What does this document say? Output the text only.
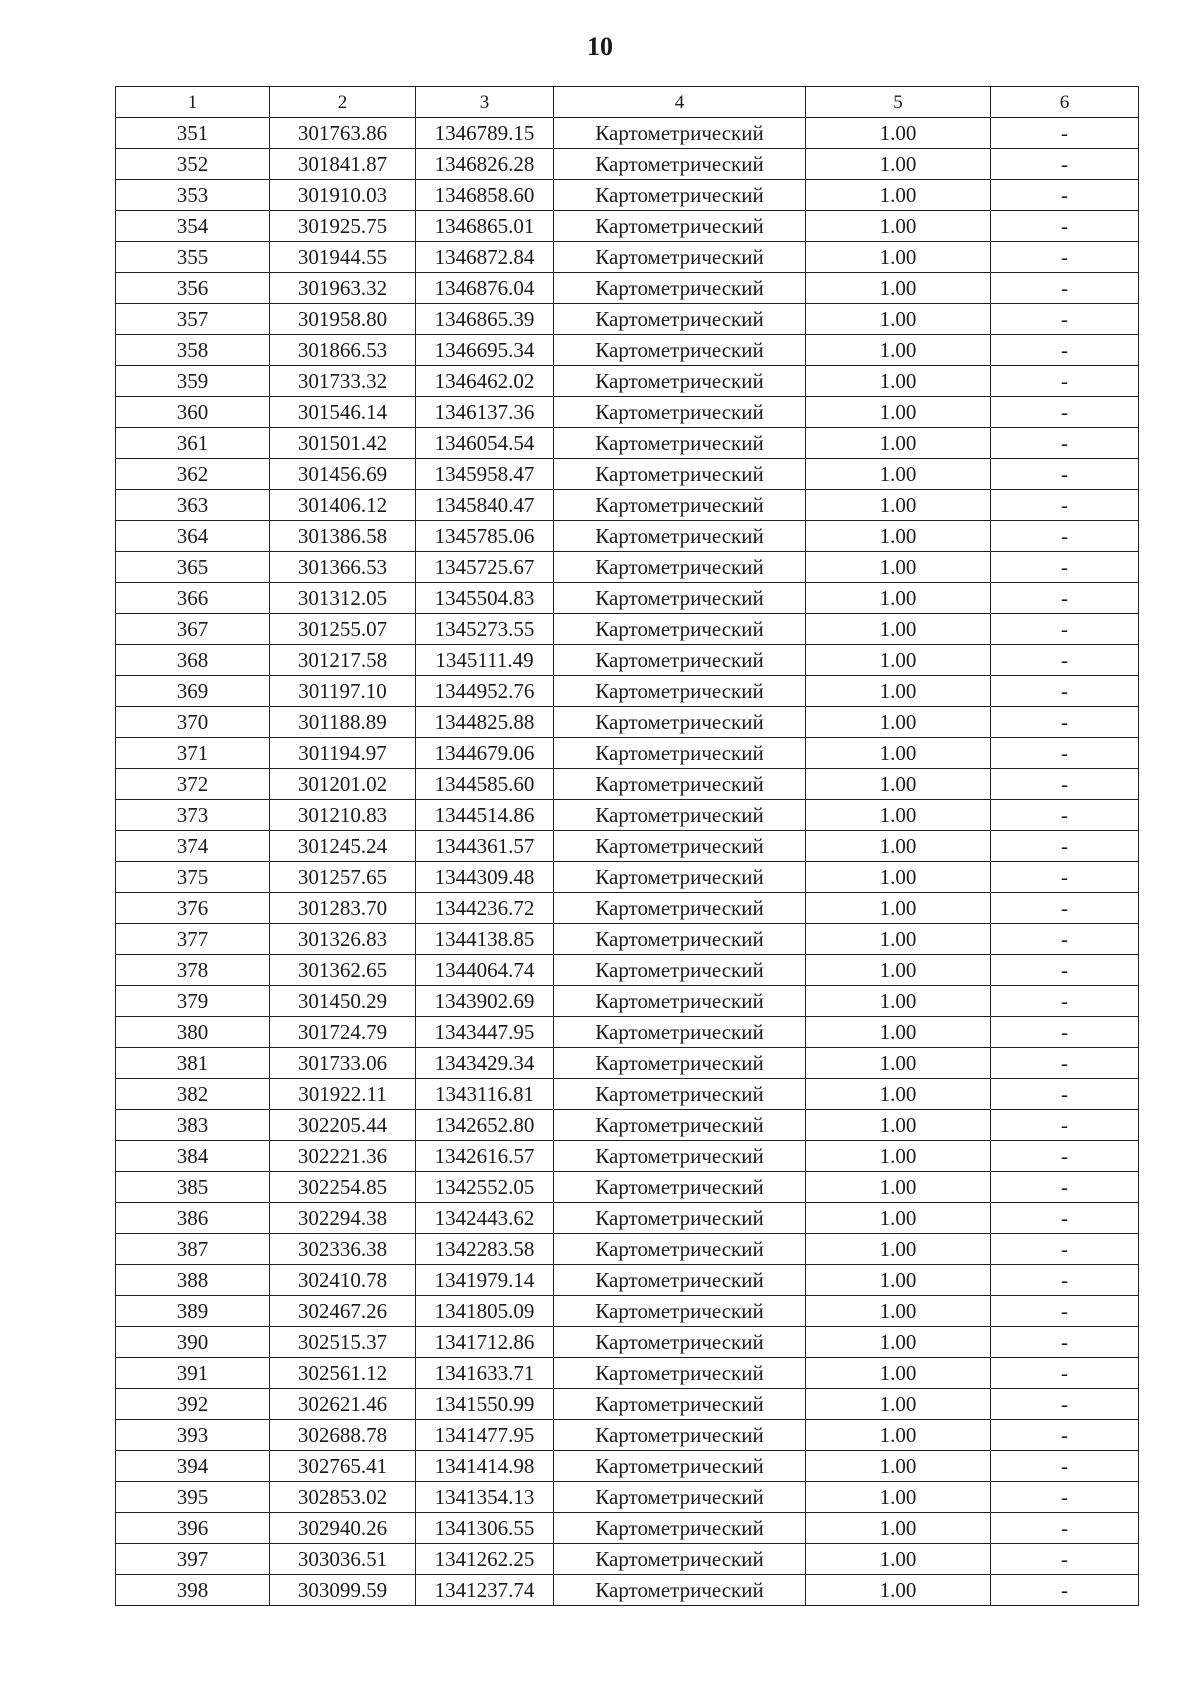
10
1	2	3	4	5	6
351	301763.86	1346789.15	Картометрический	1.00	-
352	301841.87	1346826.28	Картометрический	1.00	-
353	301910.03	1346858.60	Картометрический	1.00	-
354	301925.75	1346865.01	Картометрический	1.00	-
355	301944.55	1346872.84	Картометрический	1.00	-
356	301963.32	1346876.04	Картометрический	1.00	-
357	301958.80	1346865.39	Картометрический	1.00	-
358	301866.53	1346695.34	Картометрический	1.00	-
359	301733.32	1346462.02	Картометрический	1.00	-
360	301546.14	1346137.36	Картометрический	1.00	-
361	301501.42	1346054.54	Картометрический	1.00	-
362	301456.69	1345958.47	Картометрический	1.00	-
363	301406.12	1345840.47	Картометрический	1.00	-
364	301386.58	1345785.06	Картометрический	1.00	-
365	301366.53	1345725.67	Картометрический	1.00	-
366	301312.05	1345504.83	Картометрический	1.00	-
367	301255.07	1345273.55	Картометрический	1.00	-
368	301217.58	1345111.49	Картометрический	1.00	-
369	301197.10	1344952.76	Картометрический	1.00	-
370	301188.89	1344825.88	Картометрический	1.00	-
371	301194.97	1344679.06	Картометрический	1.00	-
372	301201.02	1344585.60	Картометрический	1.00	-
373	301210.83	1344514.86	Картометрический	1.00	-
374	301245.24	1344361.57	Картометрический	1.00	-
375	301257.65	1344309.48	Картометрический	1.00	-
376	301283.70	1344236.72	Картометрический	1.00	-
377	301326.83	1344138.85	Картометрический	1.00	-
378	301362.65	1344064.74	Картометрический	1.00	-
379	301450.29	1343902.69	Картометрический	1.00	-
380	301724.79	1343447.95	Картометрический	1.00	-
381	301733.06	1343429.34	Картометрический	1.00	-
382	301922.11	1343116.81	Картометрический	1.00	-
383	302205.44	1342652.80	Картометрический	1.00	-
384	302221.36	1342616.57	Картометрический	1.00	-
385	302254.85	1342552.05	Картометрический	1.00	-
386	302294.38	1342443.62	Картометрический	1.00	-
387	302336.38	1342283.58	Картометрический	1.00	-
388	302410.78	1341979.14	Картометрический	1.00	-
389	302467.26	1341805.09	Картометрический	1.00	-
390	302515.37	1341712.86	Картометрический	1.00	-
391	302561.12	1341633.71	Картометрический	1.00	-
392	302621.46	1341550.99	Картометрический	1.00	-
393	302688.78	1341477.95	Картометрический	1.00	-
394	302765.41	1341414.98	Картометрический	1.00	-
395	302853.02	1341354.13	Картометрический	1.00	-
396	302940.26	1341306.55	Картометрический	1.00	-
397	303036.51	1341262.25	Картометрический	1.00	-
398	303099.59	1341237.74	Картометрический	1.00	-
